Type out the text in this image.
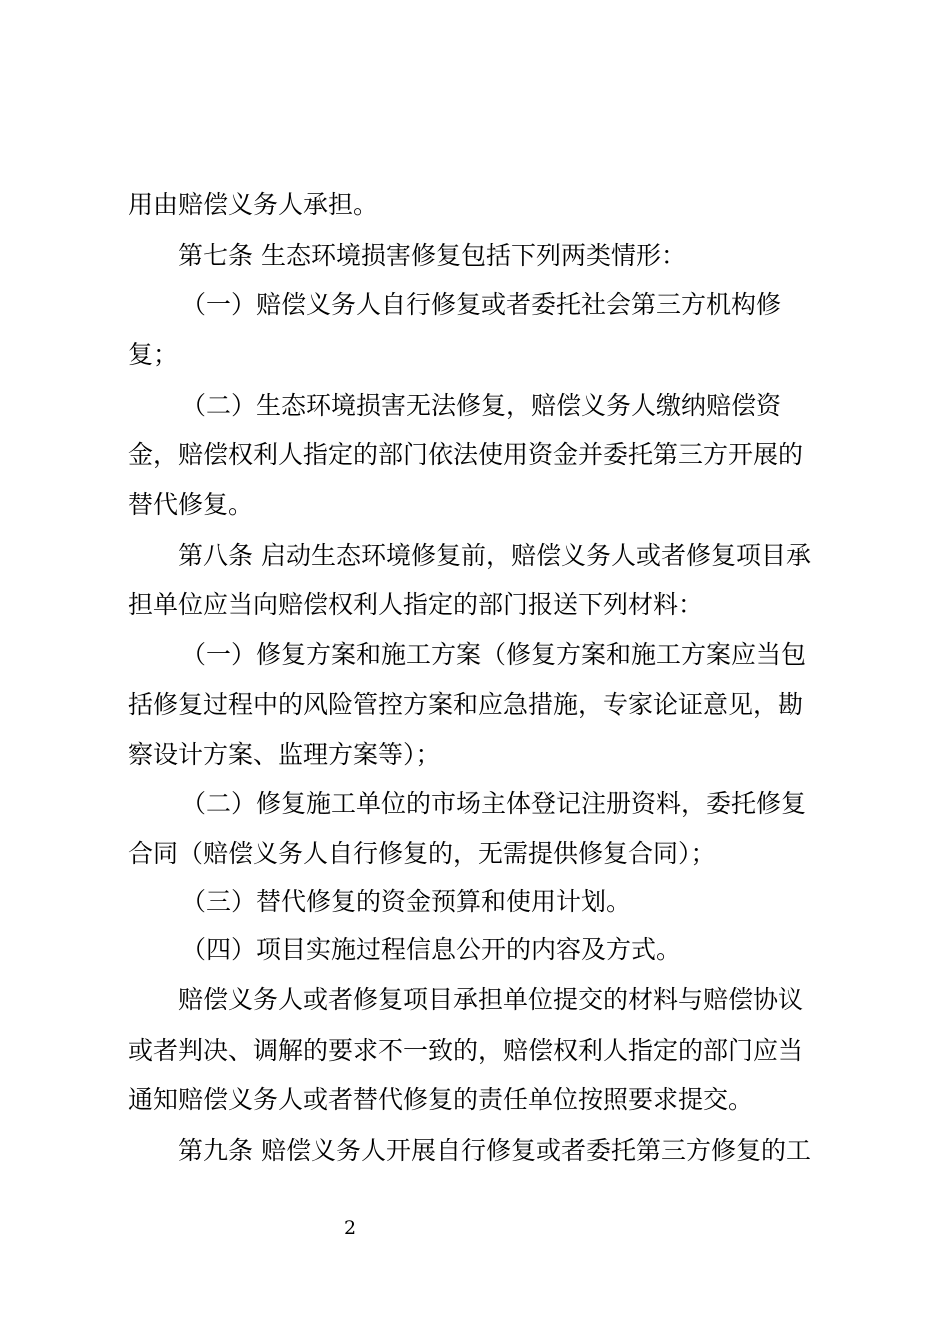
用由赔偿义务人承担。

第七条 生态环境损害修复包括下列两类情形：

（一）赔偿义务人自行修复或者委托社会第三方机构修

复；

（二）生态环境损害无法修复，赔偿义务人缴纳赔偿资

金，赔偿权利人指定的部门依法使用资金并委托第三方开展的

替代修复。

第八条 启动生态环境修复前，赔偿义务人或者修复项目承

担单位应当向赔偿权利人指定的部门报送下列材料：

（一）修复方案和施工方案（修复方案和施工方案应当包

括修复过程中的风险管控方案和应急措施，专家论证意见，勘

察设计方案、监理方案等）；

（二）修复施工单位的市场主体登记注册资料，委托修复

合同（赔偿义务人自行修复的，无需提供修复合同）；

（三）替代修复的资金预算和使用计划。

（四）项目实施过程信息公开的内容及方式。

赔偿义务人或者修复项目承担单位提交的材料与赔偿协议

或者判决、调解的要求不一致的，赔偿权利人指定的部门应当

通知赔偿义务人或者替代修复的责任单位按照要求提交。

第九条 赔偿义务人开展自行修复或者委托第三方修复的工

2
